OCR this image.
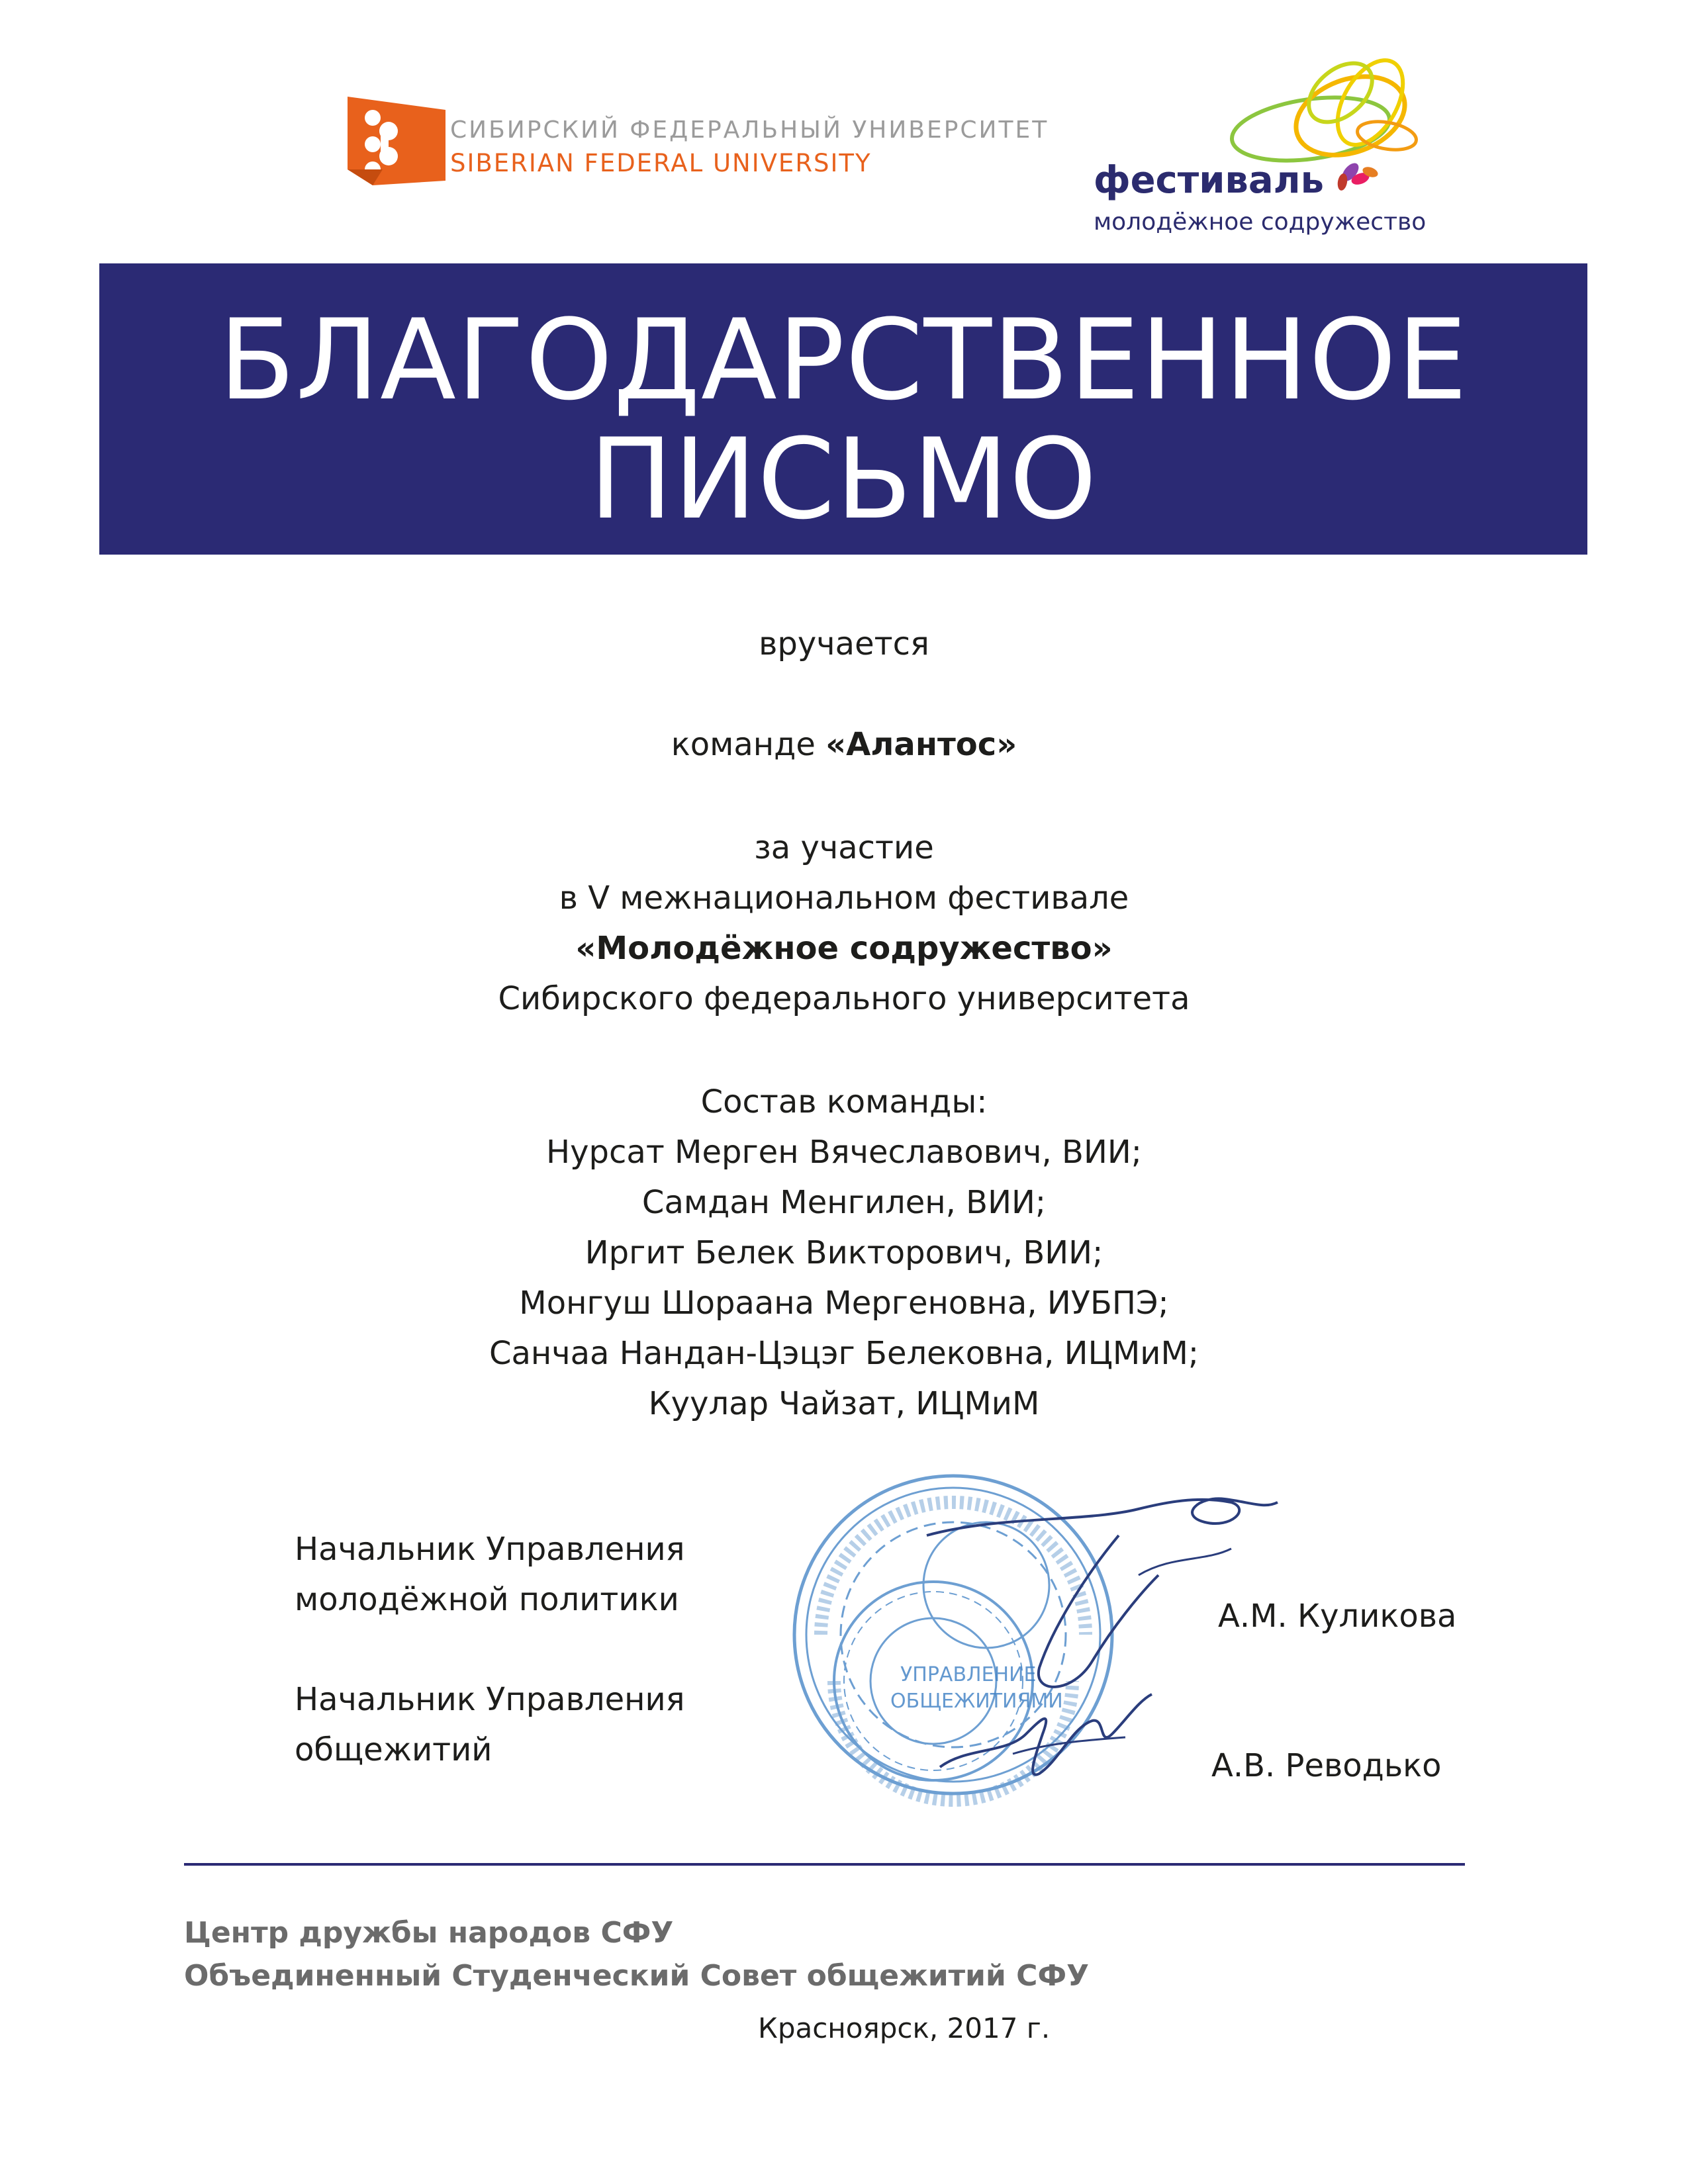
СИБИРСКИЙ ФЕДЕРАЛЬНЫЙ УНИВЕРСИТЕТ
SIBERIAN FEDERAL UNIVERSITY	фестиваль
молодёжное содружество
БЛАГОДАРСТВЕННОЕ
ПИСЬМО
вручается
команде «Алантос»
за участие
в V межнациональном фестивале
«Молодёжное содружество»
Сибирского федерального университета
Состав команды:
Нурсат Мерген Вячеславович, ВИИ;
Самдан Менгилен, ВИИ;
Иргит Белек Викторович, ВИИ;
Монгуш Шораана Мергеновна, ИУБПЭ;
Санчаа Нандан-Цэцэг Белековна, ИЦМиМ;
Куулар Чайзат, ИЦМиМ
УПРАВЛЕНИЕ
ОБЩЕЖИТИЯМИ
Начальник Управления
молодёжной политики	А.М. Куликова
Начальник Управления
общежитий	А.В. Реводько
Центр дружбы народов СФУ
Объединенный Студенческий Совет общежитий СФУ
Красноярск, 2017 г.
